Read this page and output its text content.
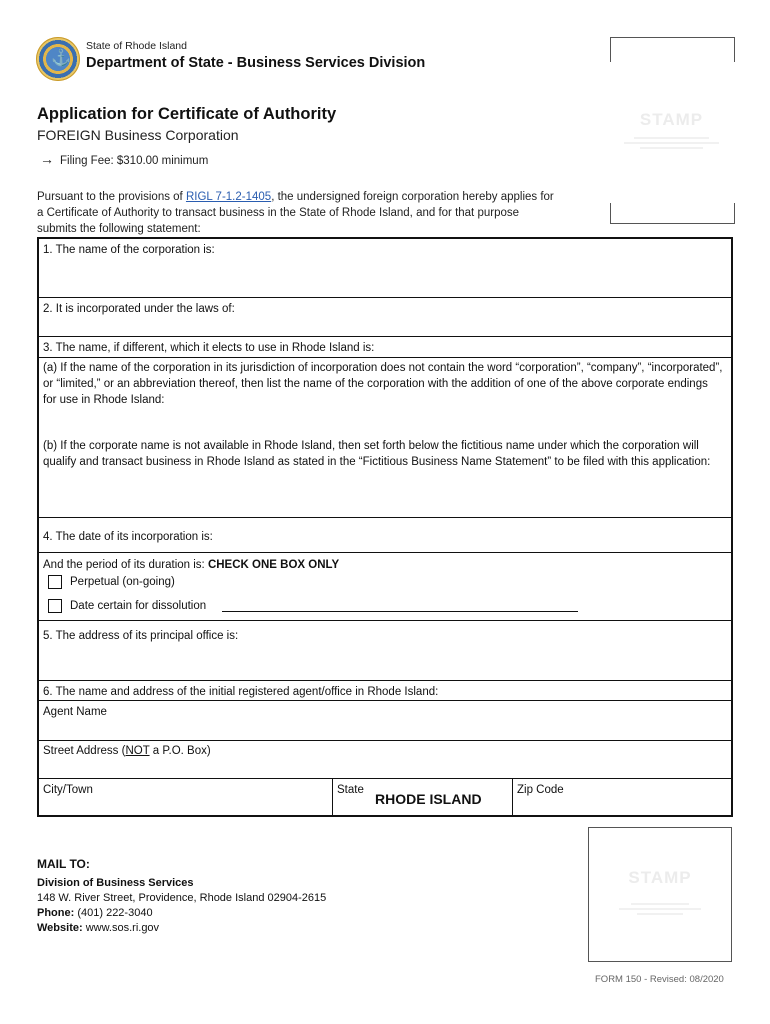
⚓
State of Rhode Island
Department of State - Business Services Division
Application for Certificate of Authority
FOREIGN Business Corporation
→ Filing Fee: $310.00 minimum
Pursuant to the provisions of RIGL 7-1.2-1405, the undersigned foreign corporation hereby applies for a Certificate of Authority to transact business in the State of Rhode Island, and for that purpose submits the following statement:
STAMP
1. The name of the corporation is:
2. It is incorporated under the laws of:
3. The name, if different, which it elects to use in Rhode Island is:
(a) If the name of the corporation in its jurisdiction of incorporation does not contain the word “corporation”, “company”, “incorporated”, or “limited,” or an abbreviation thereof, then list the name of the corporation with the addition of one of the above corporate endings for use in Rhode Island:
(b) If the corporate name is not available in Rhode Island, then set forth below the fictitious name under which the corporation will qualify and transact business in Rhode Island as stated in the “Fictitious Business Name Statement” to be filed with this application:
4. The date of its incorporation is:
And the period of its duration is: CHECK ONE BOX ONLY
Perpetual (on-going)
Date certain for dissolution
5. The address of its principal office is:
6. The name and address of the initial registered agent/office in Rhode Island:
Agent Name
Street Address (NOT a P.O. Box)
City/Town	State
RHODE ISLAND
Zip Code
MAIL TO:
Division of Business Services
148 W. River Street, Providence, Rhode Island 02904-2615
Phone: (401) 222-3040
Website: www.sos.ri.gov
STAMP
FORM 150 - Revised: 08/2020
